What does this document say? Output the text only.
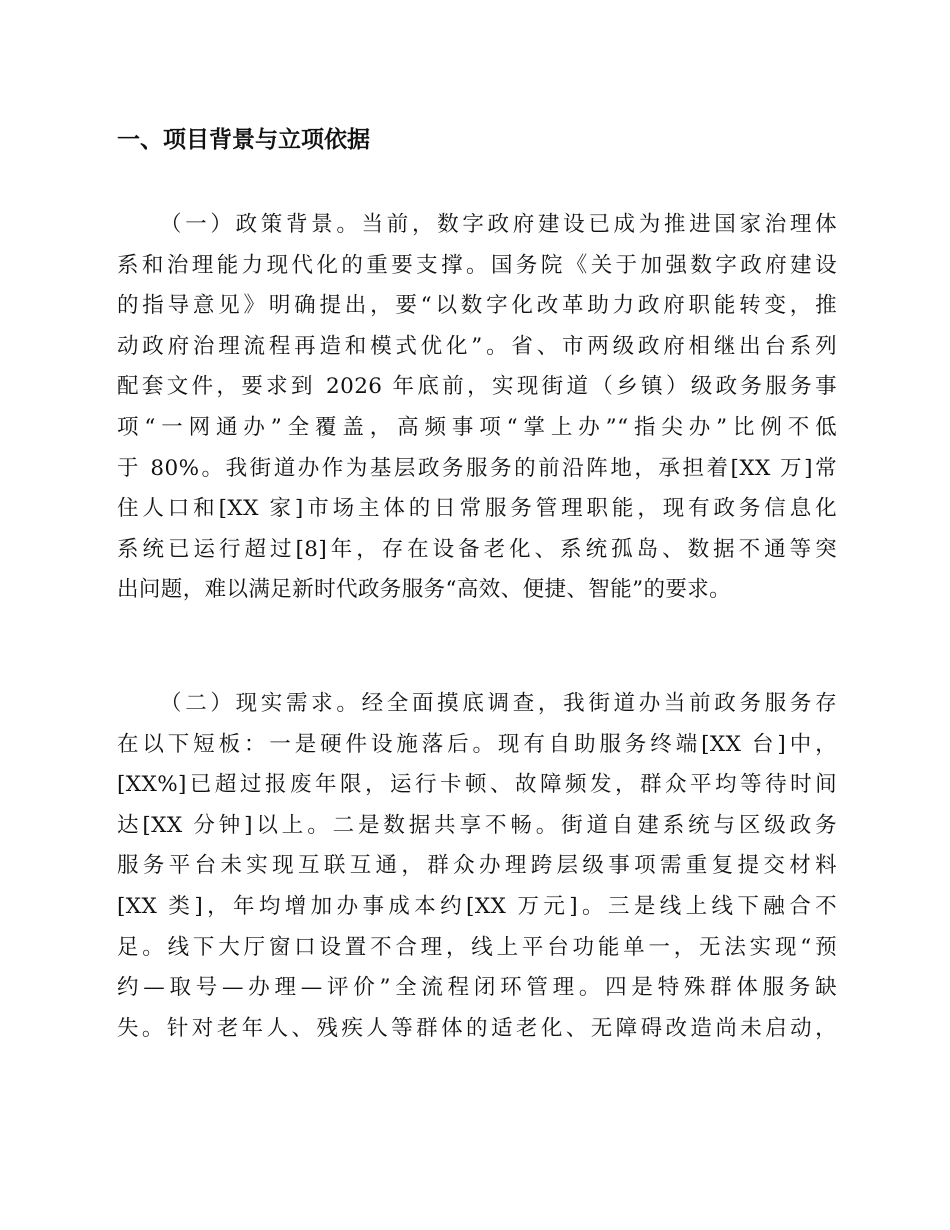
一、项目背景与立项依据
（一）政策背景。当前，数字政府建设已成为推进国家治理体
系和治理能力现代化的重要支撑。国务院《关于加强数字政府建设
的指导意见》明确提出，要“以数字化改革助力政府职能转变，推
动政府治理流程再造和模式优化”。省、市两级政府相继出台系列
配套文件，要求到 2026 年底前，实现街道（乡镇）级政务服务事
项“一网通办”全覆盖，高频事项“掌上办”“指尖办”比例不低
于 80%。我街道办作为基层政务服务的前沿阵地，承担着[XX 万]常
住人口和[XX 家]市场主体的日常服务管理职能，现有政务信息化
系统已运行超过[8]年，存在设备老化、系统孤岛、数据不通等突
出问题，难以满足新时代政务服务“高效、便捷、智能”的要求。
（二）现实需求。经全面摸底调查，我街道办当前政务服务存
在以下短板：一是硬件设施落后。现有自助服务终端[XX 台]中，
[XX%]已超过报废年限，运行卡顿、故障频发，群众平均等待时间
达[XX 分钟]以上。二是数据共享不畅。街道自建系统与区级政务
服务平台未实现互联互通，群众办理跨层级事项需重复提交材料
[XX 类]，年均增加办事成本约[XX 万元]。三是线上线下融合不
足。线下大厅窗口设置不合理，线上平台功能单一，无法实现“预
约—取号—办理—评价”全流程闭环管理。四是特殊群体服务缺
失。针对老年人、残疾人等群体的适老化、无障碍改造尚未启动，
